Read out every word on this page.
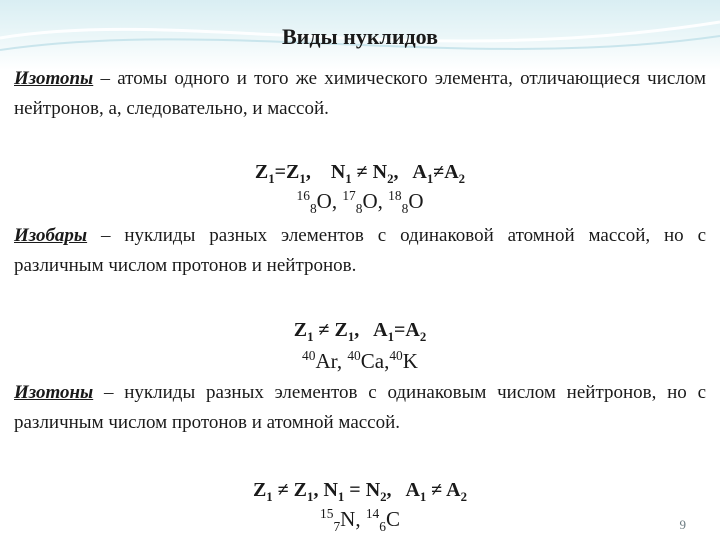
Виды нуклидов

Изотопы – атомы одного и того же химического элемента, отличающиеся числом нейтронов, а, следовательно, и массой.

$Z_1=Z_1$,    $N_1 \ne N_2$,   $A_1\ne A_2$
$^{16}_8$O, $^{17}_8$O, $^{18}_8$O

Изобары – нуклиды разных элементов с одинаковой атомной массой, но с различным числом протонов и нейтронов.

$Z_1 \ne Z_1$,   $A_1=A_2$
$^{40}$Ar, $^{40}$Ca,$^{40}$K

Изотоны – нуклиды разных элементов с одинаковым числом нейтронов, но с различным числом протонов и атомной массой.

$Z_1 \ne Z_1$, $N_1 = N_2$,   $A_1 \ne A_2$
$^{15}_7$N, $^{14}_6$C	9
